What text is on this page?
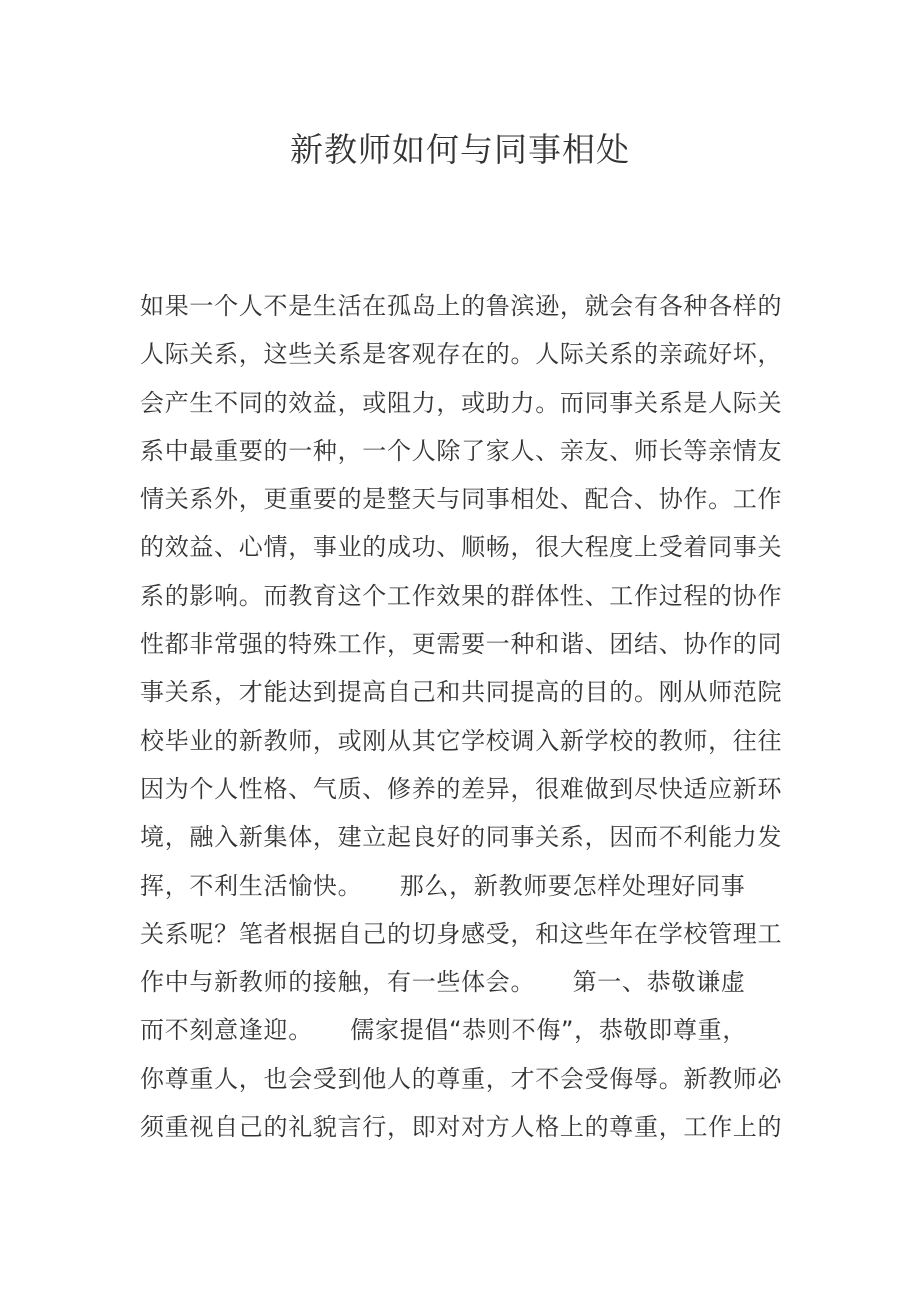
新教师如何与同事相处
如果一个人不是生活在孤岛上的鲁滨逊，就会有各种各样的
人际关系，这些关系是客观存在的。人际关系的亲疏好坏，
会产生不同的效益，或阻力，或助力。而同事关系是人际关
系中最重要的一种，一个人除了家人、亲友、师长等亲情友
情关系外，更重要的是整天与同事相处、配合、协作。工作
的效益、心情，事业的成功、顺畅，很大程度上受着同事关
系的影响。而教育这个工作效果的群体性、工作过程的协作
性都非常强的特殊工作，更需要一种和谐、团结、协作的同
事关系，才能达到提高自己和共同提高的目的。刚从师范院
校毕业的新教师，或刚从其它学校调入新学校的教师，往往
因为个人性格、气质、修养的差异，很难做到尽快适应新环
境，融入新集体，建立起良好的同事关系，因而不利能力发
挥，不利生活愉快。　　那么，新教师要怎样处理好同事
关系呢？笔者根据自己的切身感受，和这些年在学校管理工
作中与新教师的接触，有一些体会。　　第一、恭敬谦虚
而不刻意逢迎。　　儒家提倡“恭则不侮”，恭敬即尊重，
你尊重人，也会受到他人的尊重，才不会受侮辱。新教师必
须重视自己的礼貌言行，即对对方人格上的尊重，工作上的
